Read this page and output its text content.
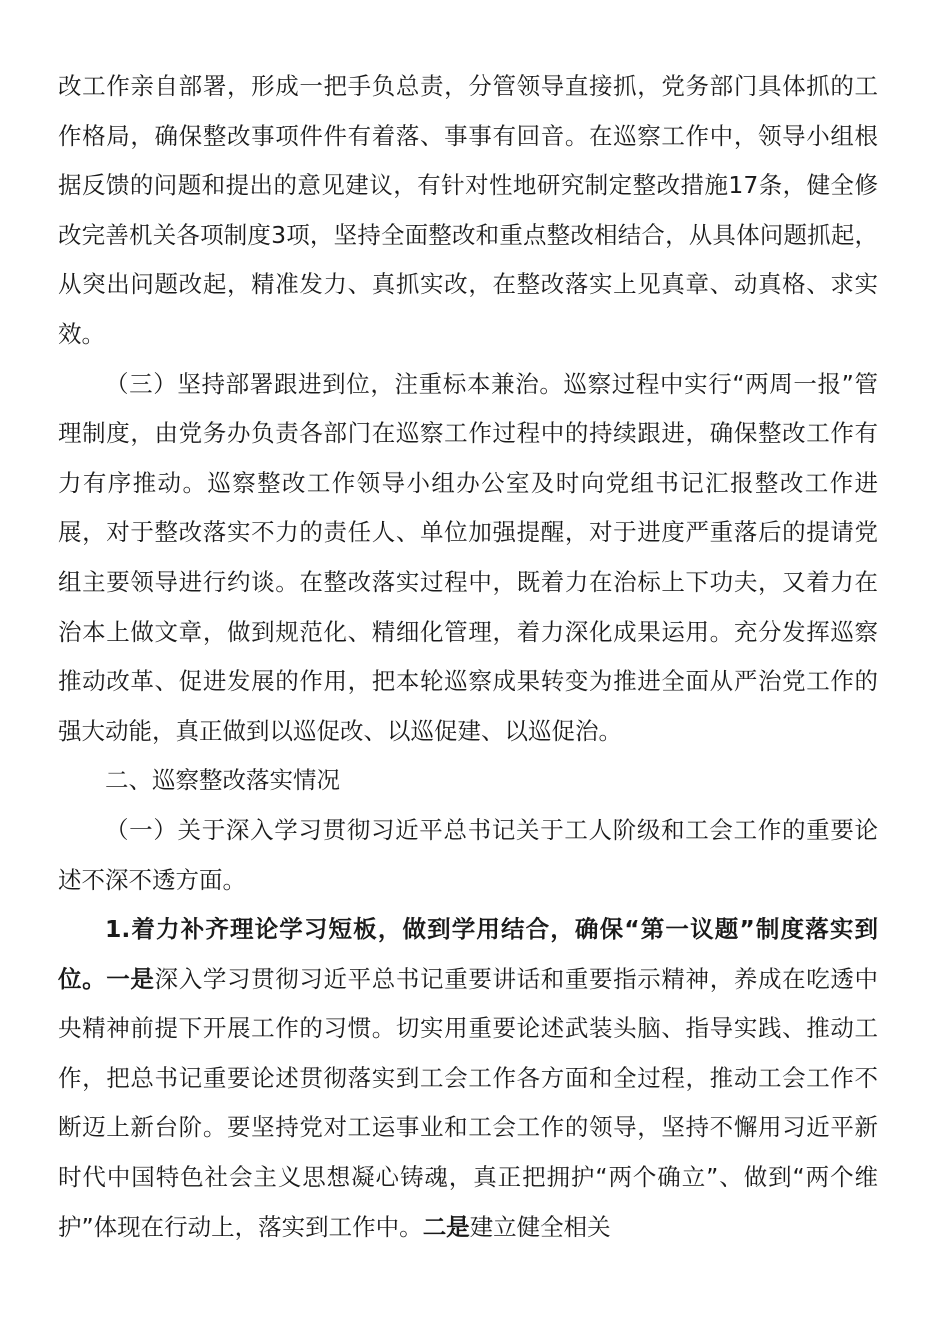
改工作亲自部署，形成一把手负总责，分管领导直接抓，党务部门具体抓的工作格局，确保整改事项件件有着落、事事有回音。在巡察工作中，领导小组根据反馈的问题和提出的意见建议，有针对性地研究制定整改措施17条，健全修改完善机关各项制度3项，坚持全面整改和重点整改相结合，从具体问题抓起，从突出问题改起，精准发力、真抓实改，在整改落实上见真章、动真格、求实效。

（三）坚持部署跟进到位，注重标本兼治。巡察过程中实行“两周一报”管理制度，由党务办负责各部门在巡察工作过程中的持续跟进，确保整改工作有力有序推动。巡察整改工作领导小组办公室及时向党组书记汇报整改工作进展，对于整改落实不力的责任人、单位加强提醒，对于进度严重落后的提请党组主要领导进行约谈。在整改落实过程中，既着力在治标上下功夫，又着力在治本上做文章，做到规范化、精细化管理，着力深化成果运用。充分发挥巡察推动改革、促进发展的作用，把本轮巡察成果转变为推进全面从严治党工作的强大动能，真正做到以巡促改、以巡促建、以巡促治。

二、巡察整改落实情况

（一）关于深入学习贯彻习近平总书记关于工人阶级和工会工作的重要论述不深不透方面。

1.着力补齐理论学习短板，做到学用结合，确保“第一议题”制度落实到位。一是深入学习贯彻习近平总书记重要讲话和重要指示精神，养成在吃透中央精神前提下开展工作的习惯。切实用重要论述武装头脑、指导实践、推动工作，把总书记重要论述贯彻落实到工会工作各方面和全过程，推动工会工作不断迈上新台阶。要坚持党对工运事业和工会工作的领导，坚持不懈用习近平新时代中国特色社会主义思想凝心铸魂，真正把拥护“两个确立”、做到“两个维护”体现在行动上，落实到工作中。二是建立健全相关
